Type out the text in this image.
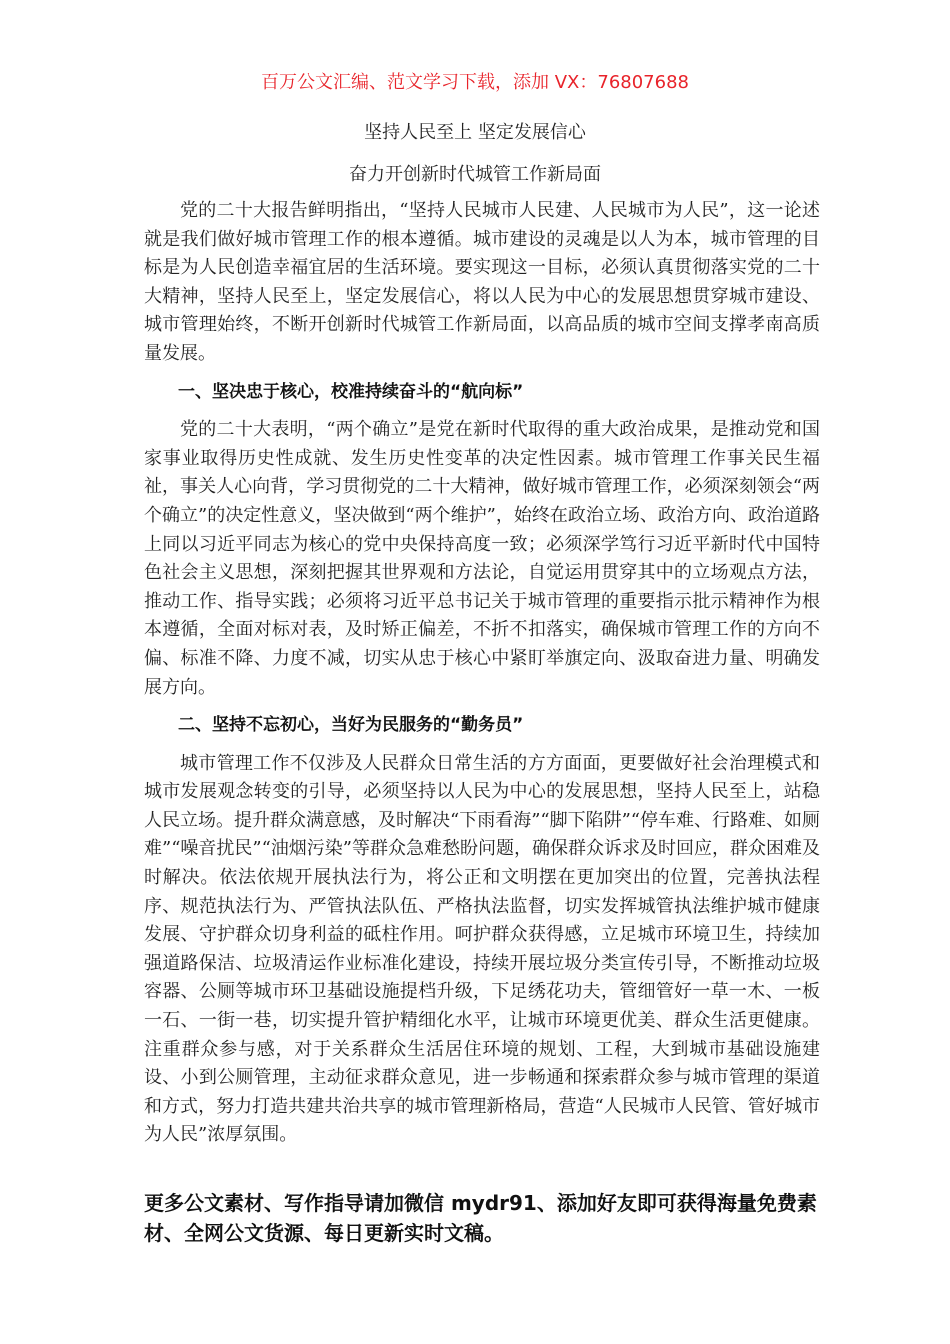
百万公文汇编、范文学习下载，添加 VX：76807688
坚持人民至上 坚定发展信心
奋力开创新时代城管工作新局面

党的二十大报告鲜明指出，“坚持人民城市人民建、人民城市为人民”，这一论述就是我们做好城市管理工作的根本遵循。城市建设的灵魂是以人为本，城市管理的目标是为人民创造幸福宜居的生活环境。要实现这一目标，必须认真贯彻落实党的二十大精神，坚持人民至上，坚定发展信心，将以人民为中心的发展思想贯穿城市建设、城市管理始终，不断开创新时代城管工作新局面，以高品质的城市空间支撑孝南高质量发展。

一、坚决忠于核心，校准持续奋斗的“航向标”

党的二十大表明，“两个确立”是党在新时代取得的重大政治成果，是推动党和国家事业取得历史性成就、发生历史性变革的决定性因素。城市管理工作事关民生福祉，事关人心向背，学习贯彻党的二十大精神，做好城市管理工作，必须深刻领会“两个确立”的决定性意义，坚决做到“两个维护”，始终在政治立场、政治方向、政治道路上同以习近平同志为核心的党中央保持高度一致；必须深学笃行习近平新时代中国特色社会主义思想，深刻把握其世界观和方法论，自觉运用贯穿其中的立场观点方法，推动工作、指导实践；必须将习近平总书记关于城市管理的重要指示批示精神作为根本遵循，全面对标对表，及时矫正偏差，不折不扣落实，确保城市管理工作的方向不偏、标准不降、力度不减，切实从忠于核心中紧盯举旗定向、汲取奋进力量、明确发展方向。

二、坚持不忘初心，当好为民服务的“勤务员”

城市管理工作不仅涉及人民群众日常生活的方方面面，更要做好社会治理模式和城市发展观念转变的引导，必须坚持以人民为中心的发展思想，坚持人民至上，站稳人民立场。提升群众满意感，及时解决“下雨看海”“脚下陷阱”“停车难、行路难、如厕难”“噪音扰民”“油烟污染”等群众急难愁盼问题，确保群众诉求及时回应，群众困难及时解决。依法依规开展执法行为，将公正和文明摆在更加突出的位置，完善执法程序、规范执法行为、严管执法队伍、严格执法监督，切实发挥城管执法维护城市健康发展、守护群众切身利益的砥柱作用。呵护群众获得感，立足城市环境卫生，持续加强道路保洁、垃圾清运作业标准化建设，持续开展垃圾分类宣传引导，不断推动垃圾容器、公厕等城市环卫基础设施提档升级，下足绣花功夫，管细管好一草一木、一板一石、一街一巷，切实提升管护精细化水平，让城市环境更优美、群众生活更健康。注重群众参与感，对于关系群众生活居住环境的规划、工程，大到城市基础设施建设、小到公厕管理，主动征求群众意见，进一步畅通和探索群众参与城市管理的渠道和方式，努力打造共建共治共享的城市管理新格局，营造“人民城市人民管、管好城市为人民”浓厚氛围。

更多公文素材、写作指导请加微信 mydr91、添加好友即可获得海量免费素材、全网公文货源、每日更新实时文稿。
